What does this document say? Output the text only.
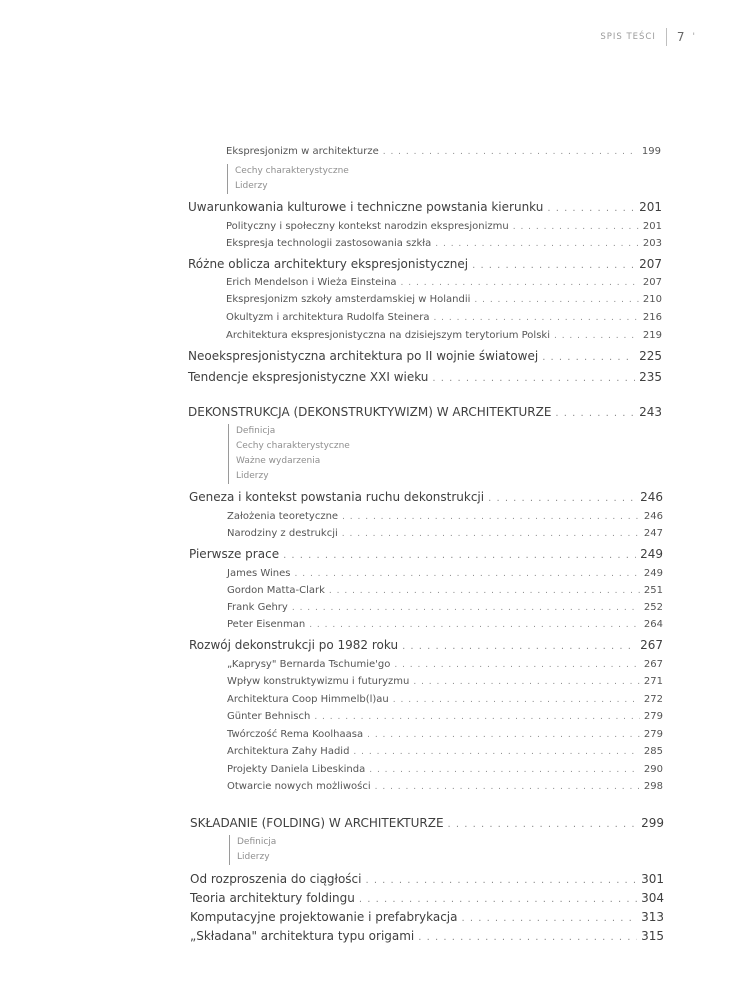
SPIS TEŚCI	7 '
Ekspresjonizm w architekturze . . .	199
Cechy charakterystyczne
Liderzy
Uwarunkowania kulturowe i techniczne powstania kierunku . . .	201
Polityczny i społeczny kontekst narodzin ekspresjonizmu . . .	201
Ekspresja technologii zastosowania szkła . . .	203
Różne oblicza architektury ekspresjonistycznej . . .	207
Erich Mendelson i Wieża Einsteina . . .	207
Ekspresjonizm szkoły amsterdamskiej w Holandii . . .	210
Okultyzm i architektura Rudolfa Steinera . . .	216
Architektura ekspresjonistyczna na dzisiejszym terytorium Polski . . .	219
Neoekspresjonistyczna architektura po II wojnie światowej . . .	225
Tendencje ekspresjonistyczne XXI wieku . . .	235
DEKONSTRUKCJA (DEKONSTRUKTYWIZM) W ARCHITEKTURZE . . .	243
Definicja
Cechy charakterystyczne
Ważne wydarzenia
Liderzy
Geneza i kontekst powstania ruchu dekonstrukcji . . .	246
Założenia teoretyczne . . .	246
Narodziny z destrukcji . . .	247
Pierwsze prace . . .	249
James Wines . . .	249
Gordon Matta-Clark . . .	251
Frank Gehry . . .	252
Peter Eisenman . . .	264
Rozwój dekonstrukcji po 1982 roku . . .	267
„Kaprysy" Bernarda Tschumie'go . . .	267
Wpływ konstruktywizmu i futuryzmu . . .	271
Architektura Coop Himmelb(l)au . . .	272
Günter Behnisch . . .	279
Twórczość Rema Koolhaasa . . .	279
Architektura Zahy Hadid . . .	285
Projekty Daniela Libeskinda . . .	290
Otwarcie nowych możliwości . . .	298
SKŁADANIE (FOLDING) W ARCHITEKTURZE . . .	299
Definicja
Liderzy
Od rozproszenia do ciągłości . . .	301
Teoria architektury foldingu . . .	304
Komputacyjne projektowanie i prefabrykacja . . .	313
„Składana" architektura typu origami . . .	315
